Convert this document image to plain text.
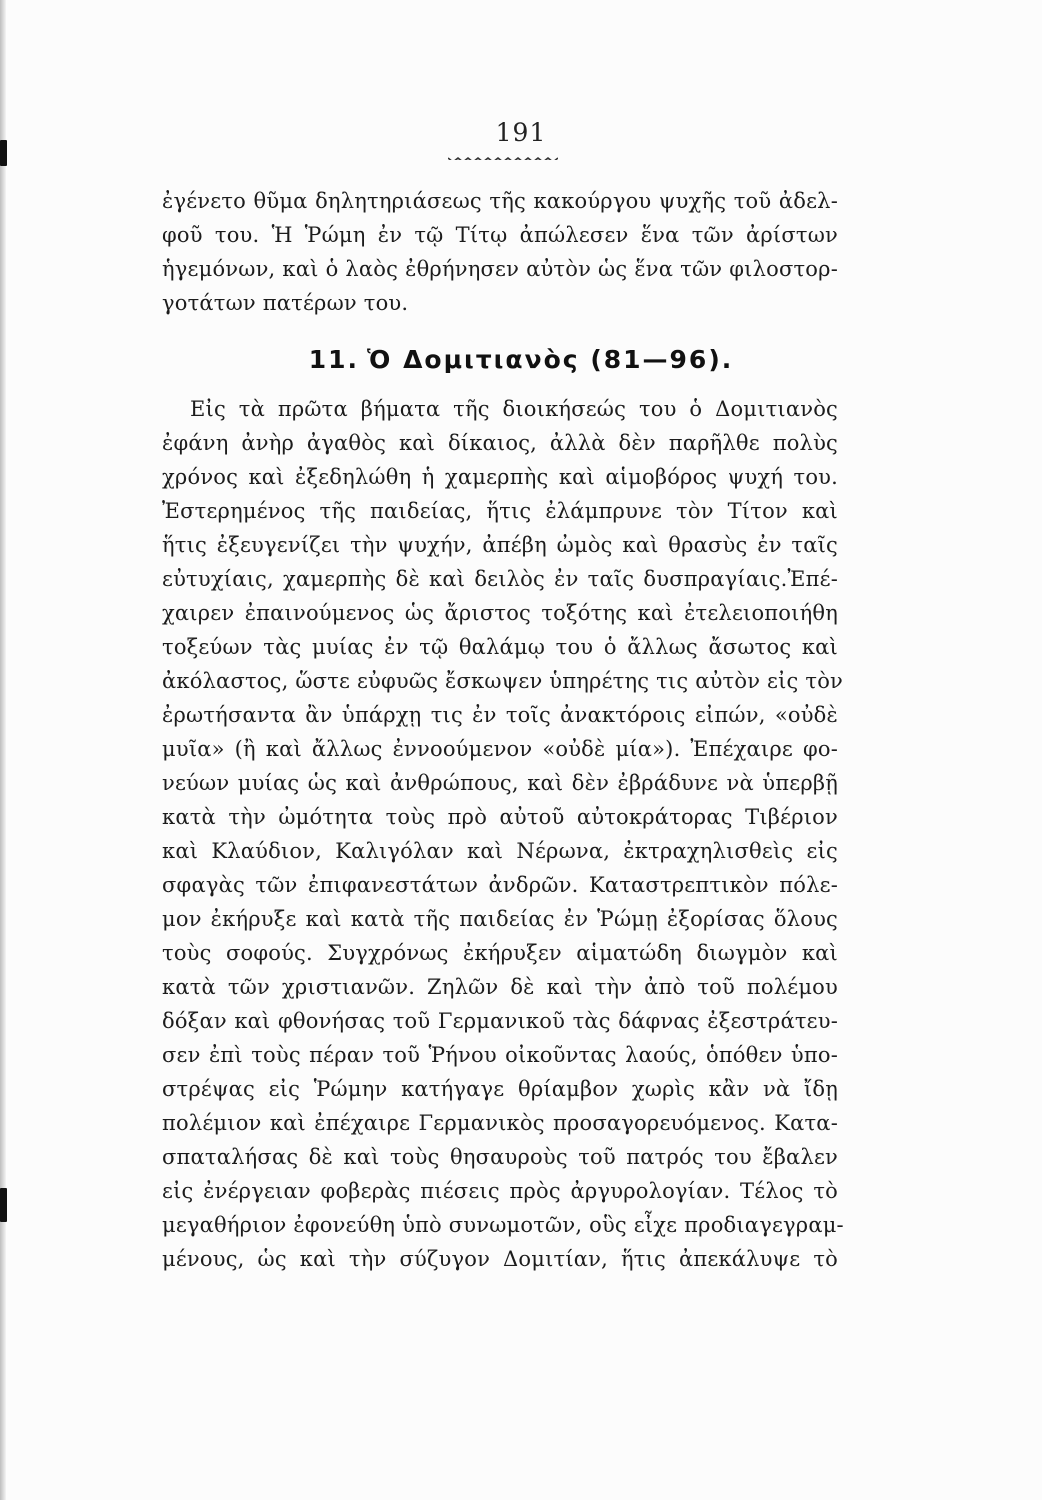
191
ἐγένετο θῦμα δηλητηριάσεως τῆς κακούργου ψυχῆς τοῦ ἀδελ-
φοῦ του. Ἡ Ῥώμη ἐν τῷ Τίτῳ ἀπώλεσεν ἕνα τῶν ἀρίστων
ἡγεμόνων, καὶ ὁ λαὸς ἐθρήνησεν αὐτὸν ὡς ἕνα τῶν φιλοστορ-
γοτάτων πατέρων του.
11. Ὁ Δομιτιανὸς (81—96).
Εἰς τὰ πρῶτα βήματα τῆς διοικήσεώς του ὁ Δομιτιανὸς
ἐφάνη ἀνὴρ ἀγαθὸς καὶ δίκαιος, ἀλλὰ δὲν παρῆλθε πολὺς
χρόνος καὶ ἐξεδηλώθη ἡ χαμερπὴς καὶ αἱμοβόρος ψυχή του.
Ἐστερημένος τῆς παιδείας, ἥτις ἐλάμπρυνε τὸν Τίτον καὶ
ἥτις ἐξευγενίζει τὴν ψυχήν, ἀπέβη ὠμὸς καὶ θρασὺς ἐν ταῖς
εὐτυχίαις, χαμερπὴς δὲ καὶ δειλὸς ἐν ταῖς δυσπραγίαις.Ἐπέ-
χαιρεν ἐπαινούμενος ὡς ἄριστος τοξότης καὶ ἐτελειοποιήθη
τοξεύων τὰς μυίας ἐν τῷ θαλάμῳ του ὁ ἄλλως ἄσωτος καὶ
ἀκόλαστος, ὥστε εὐφυῶς ἔσκωψεν ὑπηρέτης τις αὐτὸν εἰς τὸν
ἐρωτήσαντα ἂν ὑπάρχῃ τις ἐν τοῖς ἀνακτόροις εἰπών, «οὐδὲ
μυῖα» (ἢ καὶ ἄλλως ἐννοούμενον «οὐδὲ μία»). Ἐπέχαιρε φο-
νεύων μυίας ὡς καὶ ἀνθρώπους, καὶ δὲν ἐβράδυνε νὰ ὑπερβῇ
κατὰ τὴν ὠμότητα τοὺς πρὸ αὐτοῦ αὐτοκράτορας Τιβέριον
καὶ Κλαύδιον, Καλιγόλαν καὶ Νέρωνα, ἐκτραχηλισθεὶς εἰς
σφαγὰς τῶν ἐπιφανεστάτων ἀνδρῶν. Καταστρεπτικὸν πόλε-
μον ἐκήρυξε καὶ κατὰ τῆς παιδείας ἐν Ῥώμῃ ἐξορίσας ὅλους
τοὺς σοφούς. Συγχρόνως ἐκήρυξεν αἱματώδη διωγμὸν καὶ
κατὰ τῶν χριστιανῶν. Ζηλῶν δὲ καὶ τὴν ἀπὸ τοῦ πολέμου
δόξαν καὶ φθονήσας τοῦ Γερμανικοῦ τὰς δάφνας ἐξεστράτευ-
σεν ἐπὶ τοὺς πέραν τοῦ Ῥήνου οἰκοῦντας λαούς, ὁπόθεν ὑπο-
στρέψας εἰς Ῥώμην κατήγαγε θρίαμβον χωρὶς κἂν νὰ ἴδῃ
πολέμιον καὶ ἐπέχαιρε Γερμανικὸς προσαγορευόμενος. Κατα-
σπαταλήσας δὲ καὶ τοὺς θησαυροὺς τοῦ πατρός του ἔβαλεν
εἰς ἐνέργειαν φοβερὰς πιέσεις πρὸς ἀργυρολογίαν. Τέλος τὸ
μεγαθήριον ἐφονεύθη ὑπὸ συνωμοτῶν, οὓς εἶχε προδιαγεγραμ-
μένους, ὡς καὶ τὴν σύζυγον Δομιτίαν, ἥτις ἀπεκάλυψε τὸ
